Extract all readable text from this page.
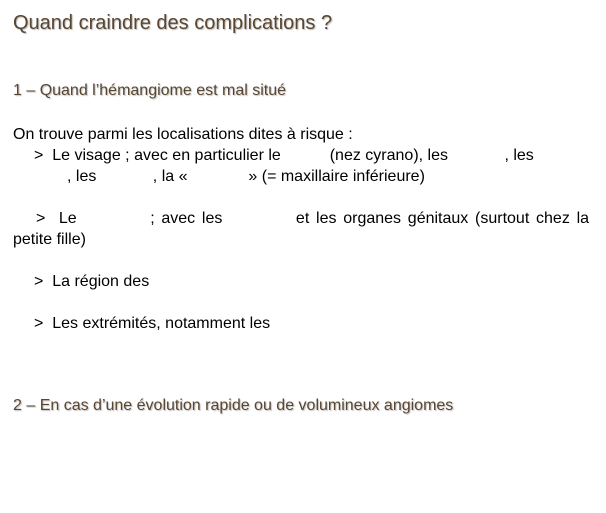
Quand craindre des complications ?
1 – Quand l’hémangiome est mal situé
On trouve parmi les localisations dites à risque :
> Le visage ; avec en particulier le	(nez cyrano), les	, les
, les	, la «	» (= maxillaire inférieure)
> Le	; avec les	et les organes génitaux (surtout chez la petite fille)
> La région des
> Les extrémités, notamment les
2 – En cas d’une évolution rapide ou de volumineux angiomes
